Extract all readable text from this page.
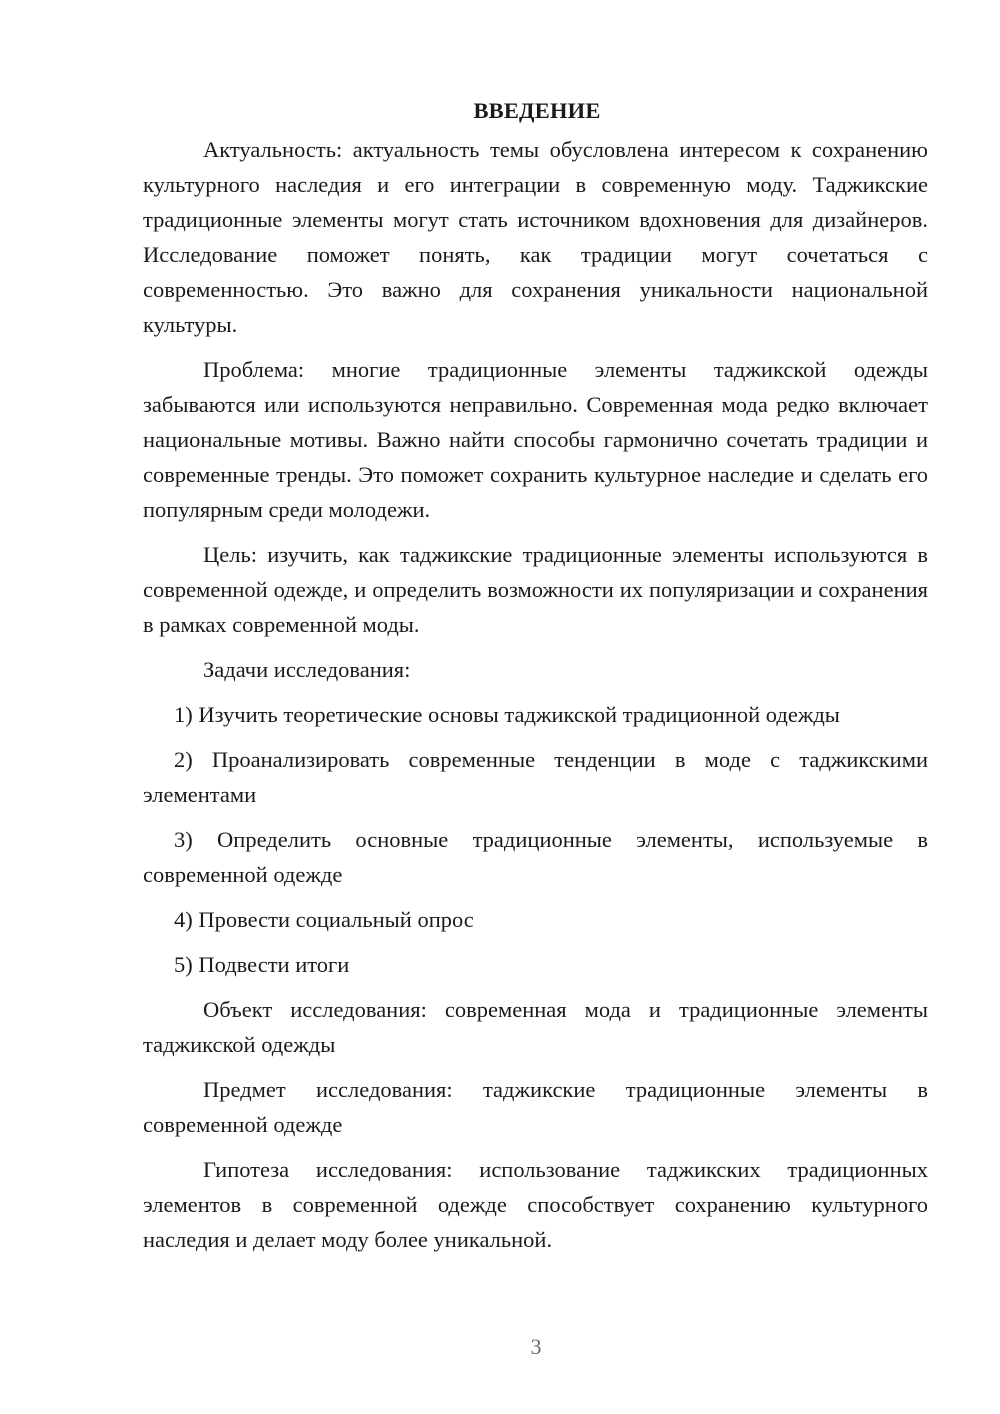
ВВЕДЕНИЕ

Актуальность: актуальность темы обусловлена интересом к сохранению культурного наследия и его интеграции в современную моду. Таджикские традиционные элементы могут стать источником вдохновения для дизайнеров. Исследование поможет понять, как традиции могут сочетаться с современностью. Это важно для сохранения уникальности национальной культуры.

Проблема: многие традиционные элементы таджикской одежды забываются или используются неправильно. Современная мода редко включает национальные мотивы. Важно найти способы гармонично сочетать традиции и современные тренды. Это поможет сохранить культурное наследие и сделать его популярным среди молодежи.

Цель: изучить, как таджикские традиционные элементы используются в современной одежде, и определить возможности их популяризации и сохранения в рамках современной моды.

Задачи исследования:

1) Изучить теоретические основы таджикской традиционной одежды

2) Проанализировать современные тенденции в моде с таджикскими элементами

3) Определить основные традиционные элементы, используемые в современной одежде

4) Провести социальный опрос

5) Подвести итоги

Объект исследования: современная мода и традиционные элементы таджикской одежды

Предмет исследования: таджикские традиционные элементы в современной одежде

Гипотеза исследования: использование таджикских традиционных элементов в современной одежде способствует сохранению культурного наследия и делает моду более уникальной.

3
